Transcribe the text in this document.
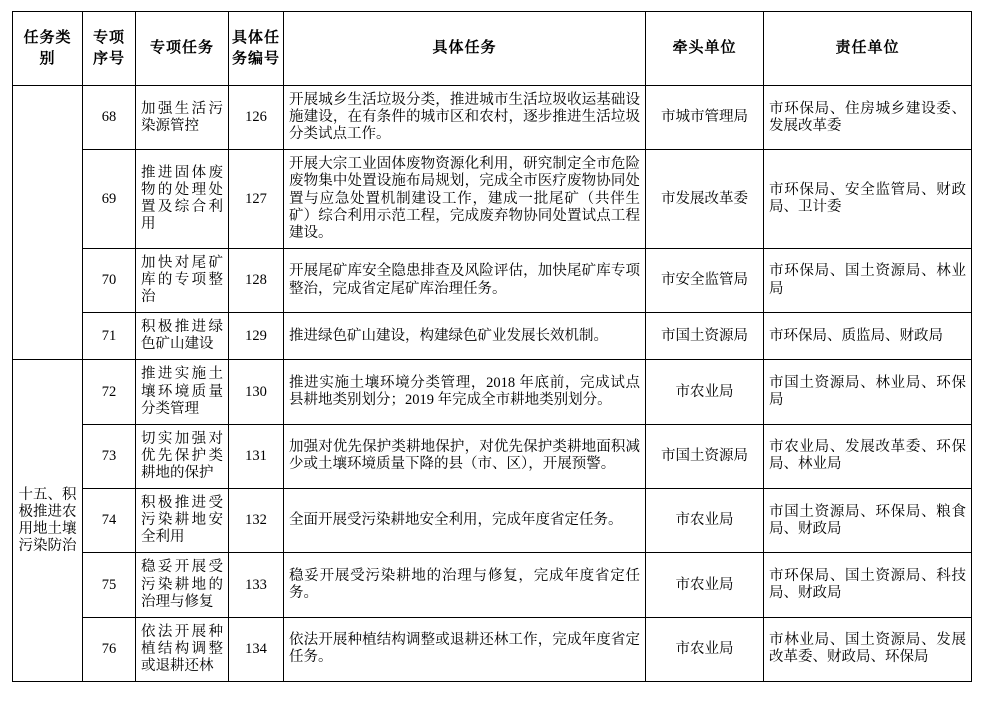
任务类别	专项序号	专项任务	具体任务编号	具体任务	牵头单位	责任单位
	68	加强生活污染源管控	126	开展城乡生活垃圾分类，推进城市生活垃圾收运基础设施建设，在有条件的城市区和农村，逐步推进生活垃圾分类试点工作。	市城市管理局	市环保局、住房城乡建设委、发展改革委
	69	推进固体废物的处理处置及综合利用	127	开展大宗工业固体废物资源化利用，研究制定全市危险废物集中处置设施布局规划，完成全市医疗废物协同处置与应急处置机制建设工作，建成一批尾矿（共伴生矿）综合利用示范工程，完成废弃物协同处置试点工程建设。	市发展改革委	市环保局、安全监管局、财政局、卫计委
	70	加快对尾矿库的专项整治	128	开展尾矿库安全隐患排查及风险评估，加快尾矿库专项整治，完成省定尾矿库治理任务。	市安全监管局	市环保局、国土资源局、林业局
	71	积极推进绿色矿山建设	129	推进绿色矿山建设，构建绿色矿业发展长效机制。	市国土资源局	市环保局、质监局、财政局
十五、积极推进农用地土壤污染防治	72	推进实施土壤环境质量分类管理	130	推进实施土壤环境分类管理，2018 年底前，完成试点县耕地类别划分；2019 年完成全市耕地类别划分。	市农业局	市国土资源局、林业局、环保局
	73	切实加强对优先保护类耕地的保护	131	加强对优先保护类耕地保护，对优先保护类耕地面积减少或土壤环境质量下降的县（市、区），开展预警。	市国土资源局	市农业局、发展改革委、环保局、林业局
	74	积极推进受污染耕地安全利用	132	全面开展受污染耕地安全利用，完成年度省定任务。	市农业局	市国土资源局、环保局、粮食局、财政局
	75	稳妥开展受污染耕地的治理与修复	133	稳妥开展受污染耕地的治理与修复，完成年度省定任务。	市农业局	市环保局、国土资源局、科技局、财政局
	76	依法开展种植结构调整或退耕还林	134	依法开展种植结构调整或退耕还林工作，完成年度省定任务。	市农业局	市林业局、国土资源局、发展改革委、财政局、环保局
